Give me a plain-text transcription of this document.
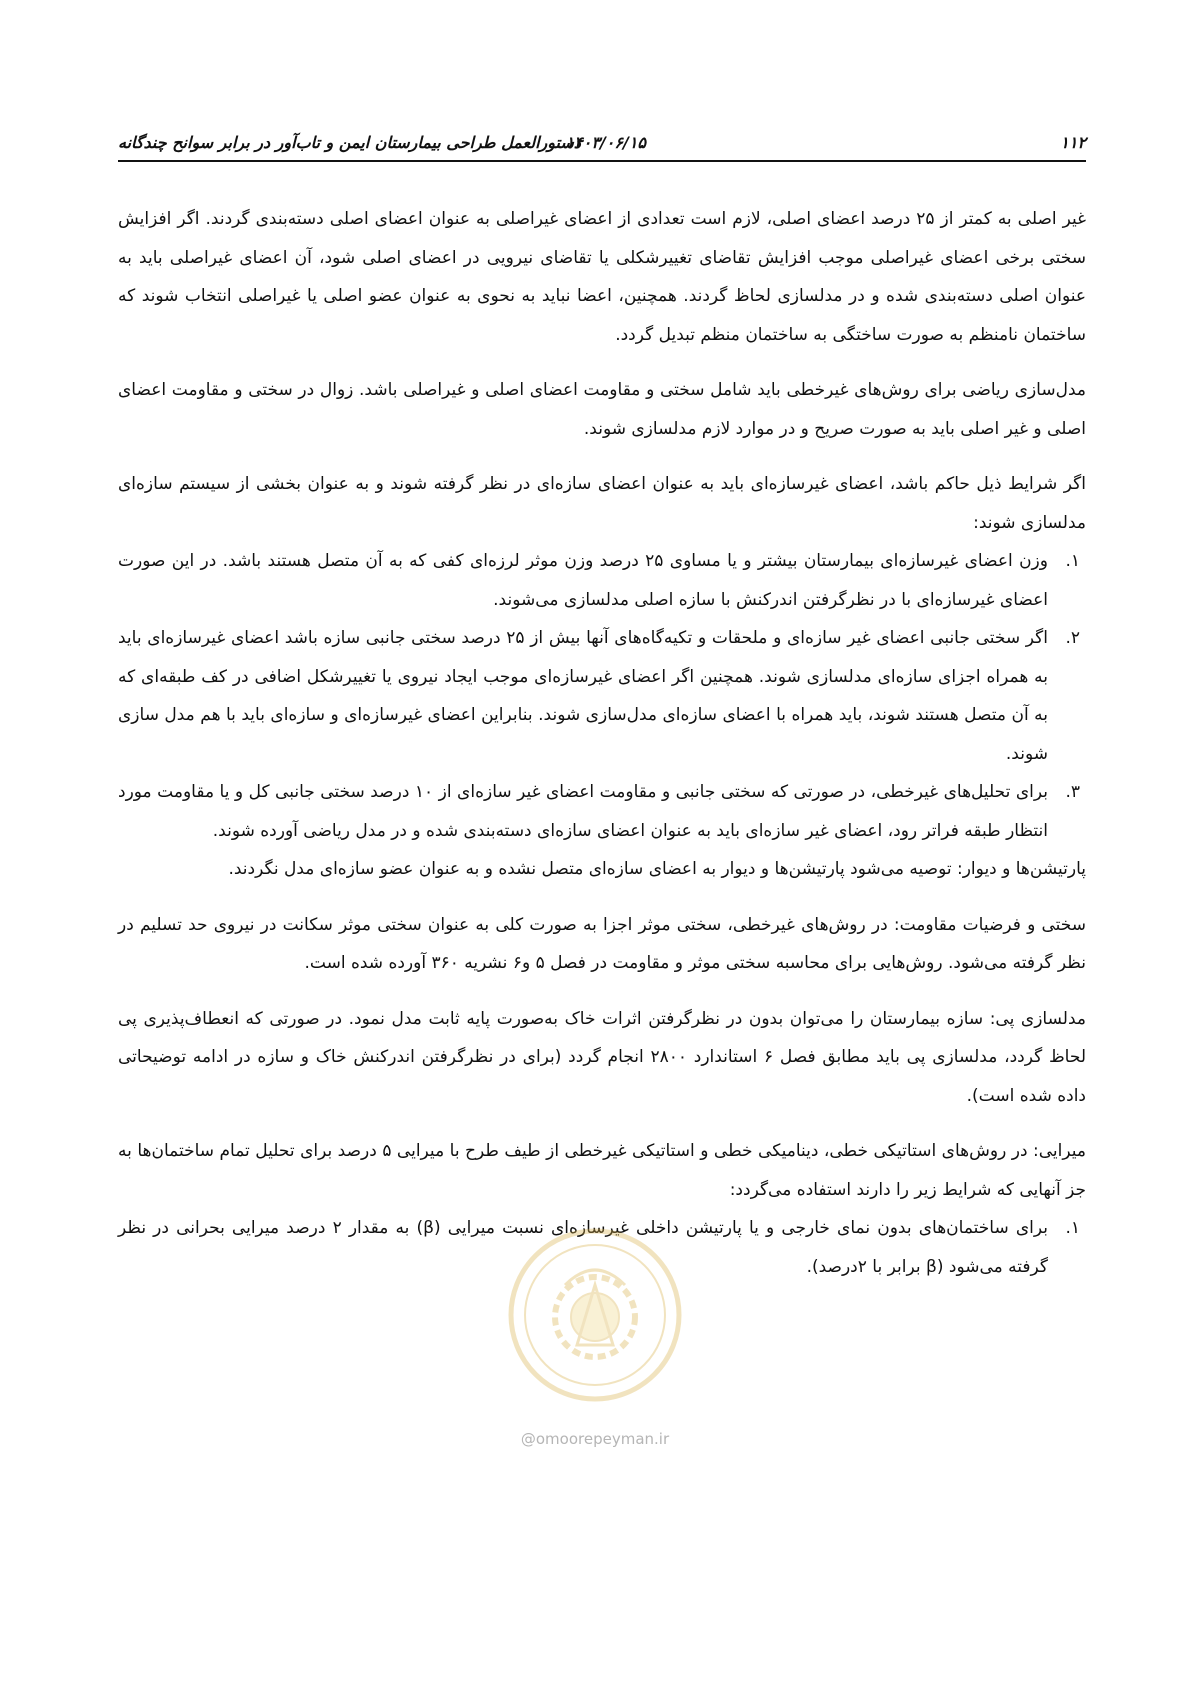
۱۱۲
۱۴۰۳/۰۶/۱۵
دستورالعمل طراحی بیمارستان ایمن و تاب‌آور در برابر سوانح چندگانه

غیر اصلی به کمتر از ۲۵ درصد اعضای اصلی، لازم است تعدادی از اعضای غیراصلی به عنوان اعضای اصلی دسته‌بندی گردند. اگر افزایش سختی برخی اعضای غیراصلی موجب افزایش تقاضای تغییرشکلی یا تقاضای نیرویی در اعضای اصلی شود، آن اعضای غیراصلی باید به عنوان اصلی دسته‌بندی شده و در مدلسازی لحاظ گردند. همچنین، اعضا نباید به نحوی به عنوان عضو اصلی یا غیراصلی انتخاب شوند که ساختمان نامنظم به صورت ساختگی به ساختمان منظم تبدیل گردد.

مدل‌سازی ریاضی برای روش‌های غیرخطی باید شامل سختی و مقاومت اعضای اصلی و غیراصلی باشد. زوال در سختی و مقاومت اعضای اصلی و غیر اصلی باید به صورت صریح و در موارد لازم مدلسازی شوند.

اگر شرایط ذیل حاکم باشد، اعضای غیرسازه‌ای باید به عنوان اعضای سازه‌ای در نظر گرفته شوند و به عنوان بخشی از سیستم سازه‌ای مدلسازی شوند:

۱.
وزن اعضای غیرسازه‌ای بیمارستان بیشتر و یا مساوی ۲۵ درصد وزن موثر لرزه‌ای کفی که به آن متصل هستند باشد. در این صورت اعضای غیرسازه‌ای با در نظرگرفتن اندرکنش با سازه اصلی مدلسازی می‌شوند.
۲.
اگر سختی جانبی اعضای غیر سازه‌ای و ملحقات و تکیه‌گاه‌های آنها بیش از ۲۵ درصد سختی جانبی سازه باشد اعضای غیرسازه‌ای باید به همراه اجزای سازه‌ای مدلسازی شوند. همچنین اگر اعضای غیرسازه‌ای موجب ایجاد نیروی یا تغییرشکل اضافی در کف طبقه‌ای که به آن متصل هستند شوند، باید همراه با اعضای سازه‌ای مدل‌سازی شوند. بنابراین اعضای غیرسازه‌ای و سازه‌ای باید با هم مدل سازی شوند.
۳.
برای تحلیل‌های غیرخطی، در صورتی که سختی جانبی و مقاومت اعضای غیر سازه‌ای از ۱۰ درصد سختی جانبی کل و یا مقاومت مورد انتظار طبقه فراتر رود، اعضای غیر سازه‌ای باید به عنوان اعضای سازه‌ای دسته‌بندی شده و در مدل ریاضی آورده شوند.

پارتیشن‌ها و دیوار: توصیه می‌شود پارتیشن‌ها و دیوار به اعضای سازه‌ای متصل نشده و به عنوان عضو سازه‌ای مدل نگردند.

سختی و فرضیات مقاومت: در روش‌های غیرخطی، سختی موثر اجزا به صورت کلی به عنوان سختی موثر سکانت در نیروی حد تسلیم در نظر گرفته می‌شود. روش‌هایی برای محاسبه سختی موثر و مقاومت در فصل ۵ و۶ نشریه ۳۶۰ آورده شده است.

مدلسازی پی: سازه بیمارستان را می‌توان بدون در نظرگرفتن اثرات خاک به‌صورت پایه ثابت مدل نمود. در صورتی که انعطاف‌پذیری پی لحاظ گردد، مدلسازی پی باید مطابق فصل ۶ استاندارد ۲۸۰۰ انجام گردد (برای در نظرگرفتن اندرکنش خاک و سازه در ادامه توضیحاتی داده شده است).

میرایی: در روش‌های استاتیکی خطی، دینامیکی خطی و استاتیکی غیرخطی از طیف طرح با میرایی ۵ درصد برای تحلیل تمام ساختمان‌ها به جز آنهایی که شرایط زیر را دارند استفاده می‌گردد:

۱.
برای ساختمان‌های بدون نمای خارجی و یا پارتیشن داخلی غیرسازه‌ای نسبت میرایی (β) به مقدار ۲ درصد میرایی بحرانی در نظر گرفته می‌شود (β برابر با ۲درصد).
@omoorepeyman.ir
